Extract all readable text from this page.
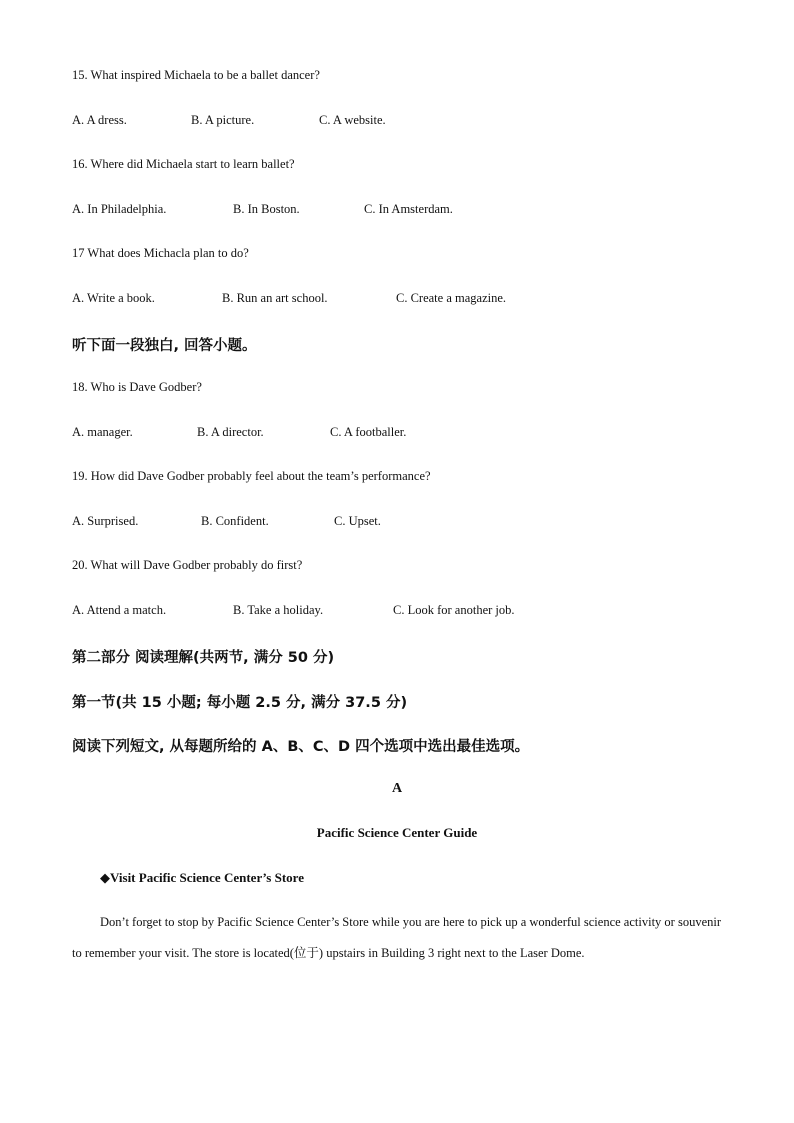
15. What inspired Michaela to be a ballet dancer?
A. A dress.	B. A picture.	C. A website.
16. Where did Michaela start to learn ballet?
A. In Philadelphia.	B. In Boston.	C. In Amsterdam.
17 What does Michacla plan to do?
A. Write a book.	B. Run an art school.	C. Create a magazine.
听下面一段独白, 回答小题。
18. Who is Dave Godber?
A. manager.	B. A director.	C. A footballer.
19. How did Dave Godber probably feel about the team’s performance?
A. Surprised.	B. Confident.	C. Upset.
20. What will Dave Godber probably do first?
A. Attend a match.	B. Take a holiday.	C. Look for another job.
第二部分 阅读理解(共两节, 满分 50 分)
第一节(共 15 小题; 每小题 2.5 分, 满分 37.5 分)
阅读下列短文, 从每题所给的 A、B、C、D 四个选项中选出最佳选项。
A
Pacific Science Center Guide
◆Visit Pacific Science Center’s Store
Don’t forget to stop by Pacific Science Center’s Store while you are here to pick up a wonderful science activity or souvenir to remember your visit. The store is located(位于) upstairs in Building 3 right next to the Laser Dome.
